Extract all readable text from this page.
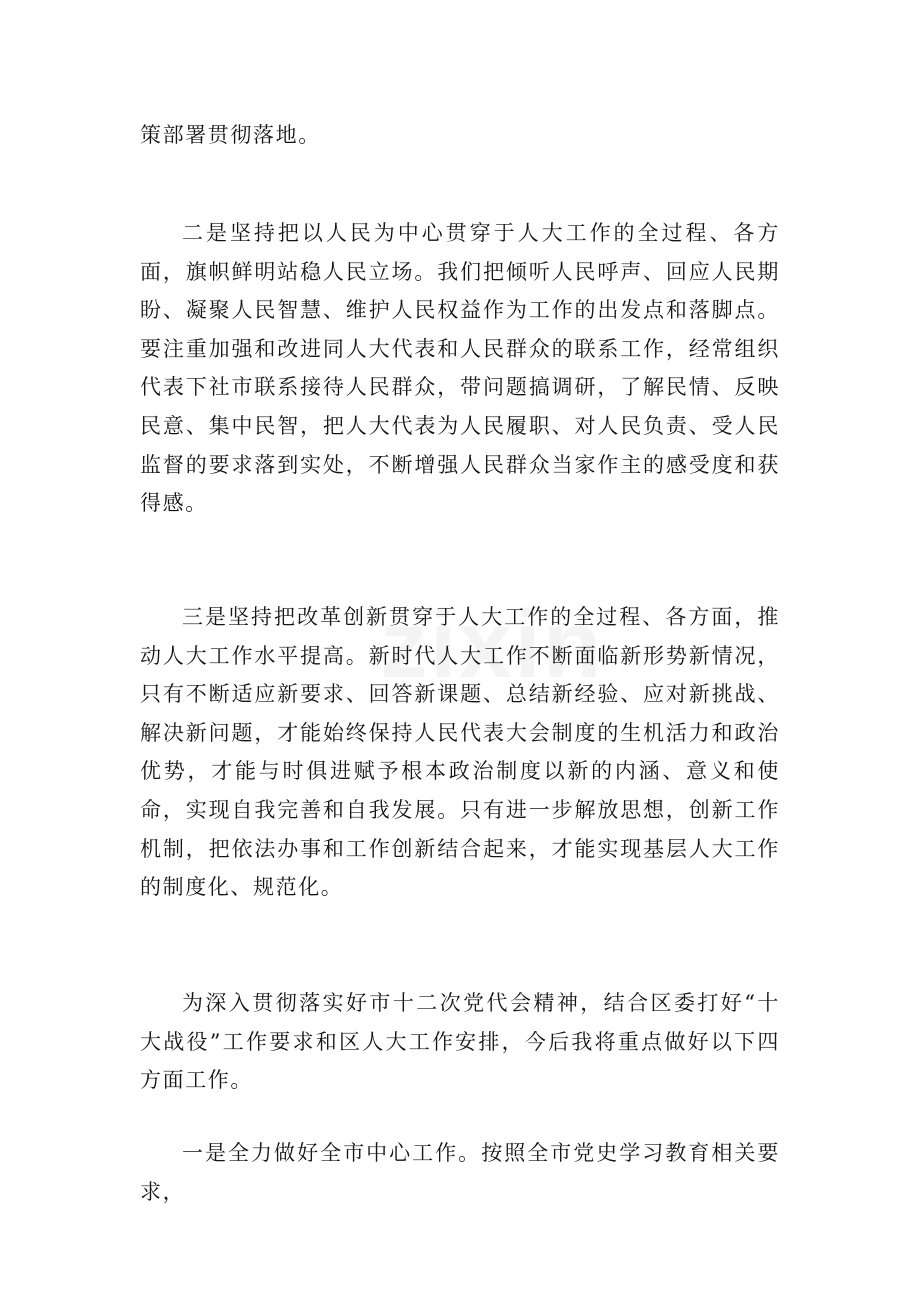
策部署贯彻落地。

二是坚持把以人民为中心贯穿于人大工作的全过程、各方面，旗帜鲜明站稳人民立场。我们把倾听人民呼声、回应人民期盼、凝聚人民智慧、维护人民权益作为工作的出发点和落脚点。要注重加强和改进同人大代表和人民群众的联系工作，经常组织代表下社市联系接待人民群众，带问题搞调研，了解民情、反映民意、集中民智，把人大代表为人民履职、对人民负责、受人民监督的要求落到实处，不断增强人民群众当家作主的感受度和获得感。

三是坚持把改革创新贯穿于人大工作的全过程、各方面，推动人大工作水平提高。新时代人大工作不断面临新形势新情况，只有不断适应新要求、回答新课题、总结新经验、应对新挑战、解决新问题，才能始终保持人民代表大会制度的生机活力和政治优势，才能与时俱进赋予根本政治制度以新的内涵、意义和使命，实现自我完善和自我发展。只有进一步解放思想，创新工作机制，把依法办事和工作创新结合起来，才能实现基层人大工作的制度化、规范化。

为深入贯彻落实好市十二次党代会精神，结合区委打好“十大战役”工作要求和区人大工作安排，今后我将重点做好以下四方面工作。

一是全力做好全市中心工作。按照全市党史学习教育相关要求，
